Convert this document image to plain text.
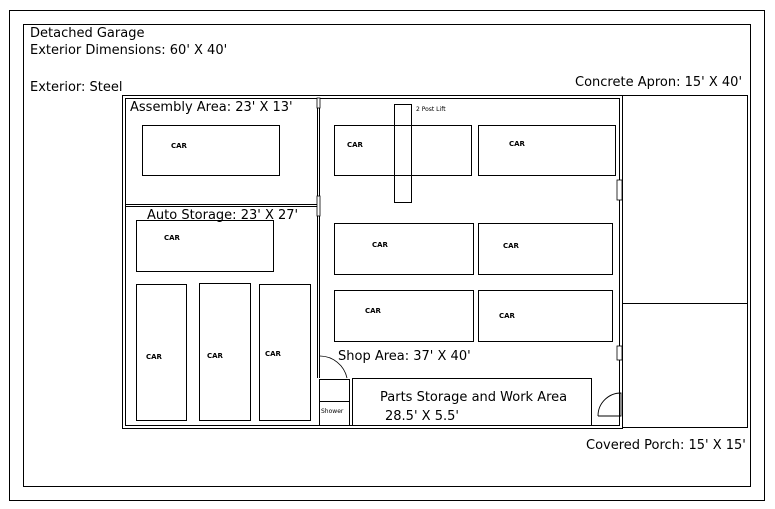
Detached Garage
Exterior Dimensions: 60' X 40'
Exterior: Steel	Concrete Apron: 15' X 40'
Covered Porch: 15' X 15'
Assembly Area: 23' X 13'
Auto Storage: 23' X 27'
Shop Area: 37' X 40'
2 Post Lift
CAR	CAR	CAR
CAR
CAR	CAR
CAR
CAR
CAR	CAR	CAR
Shower
Parts Storage and Work Area
28.5' X 5.5'
